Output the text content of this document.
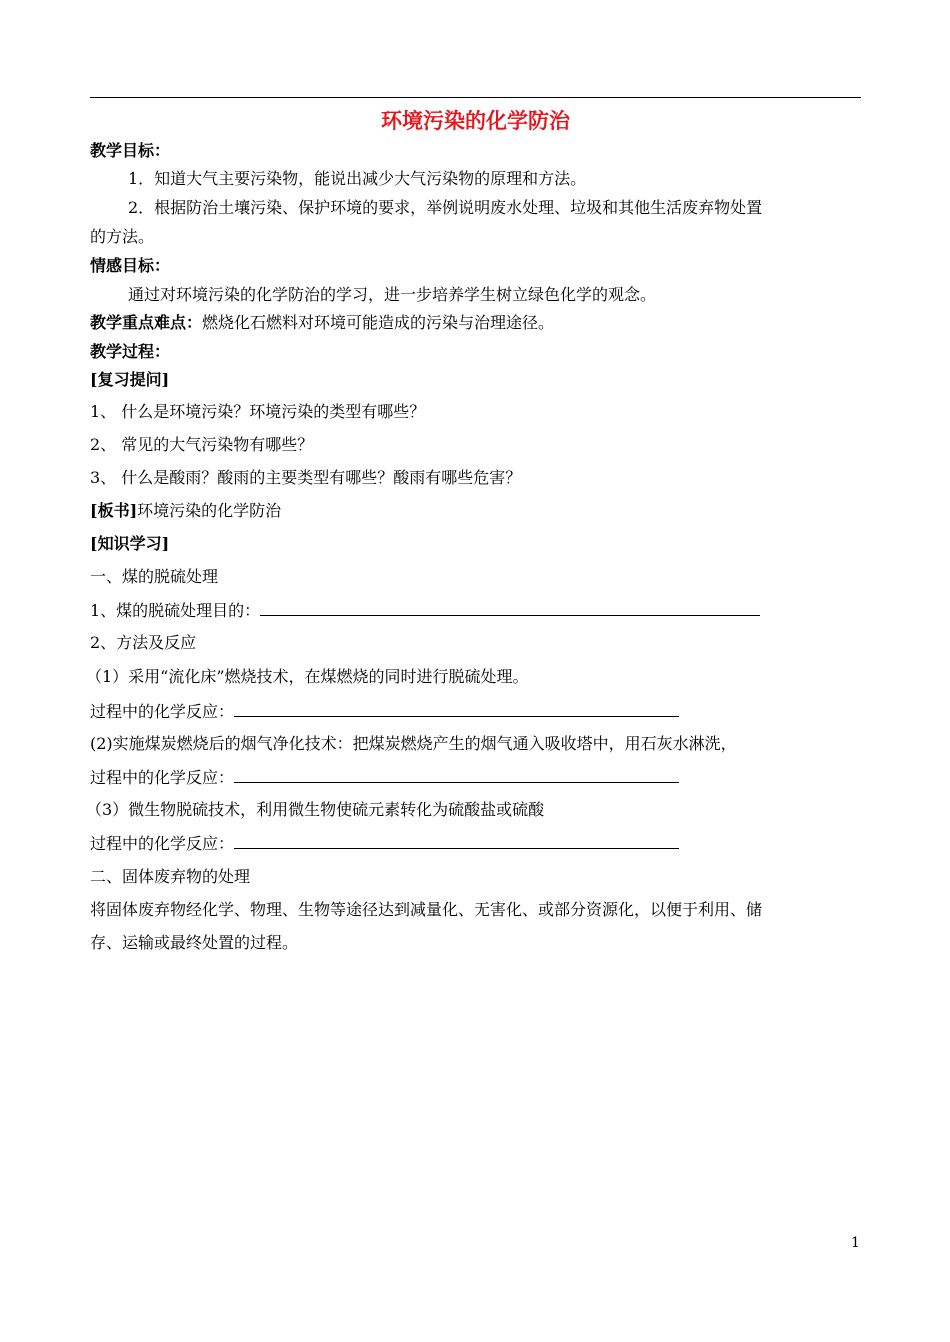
环境污染的化学防治
教学目标：
1．知道大气主要污染物，能说出减少大气污染物的原理和方法。
2．根据防治土壤污染、保护环境的要求，举例说明废水处理、垃圾和其他生活废弃物处置
的方法。
情感目标：
通过对环境污染的化学防治的学习，进一步培养学生树立绿色化学的观念。
教学重点难点：燃烧化石燃料对环境可能造成的污染与治理途径。
教学过程：
[复习提问]
1、 什么是环境污染？环境污染的类型有哪些？
2、 常见的大气污染物有哪些？
3、 什么是酸雨？酸雨的主要类型有哪些？酸雨有哪些危害？
[板书]环境污染的化学防治
[知识学习]
一、煤的脱硫处理
1、煤的脱硫处理目的：
2、方法及反应
（1）采用“流化床”燃烧技术，在煤燃烧的同时进行脱硫处理。
过程中的化学反应：
(2)实施煤炭燃烧后的烟气净化技术：把煤炭燃烧产生的烟气通入吸收塔中，用石灰水淋洗，
过程中的化学反应：
（3）微生物脱硫技术，利用微生物使硫元素转化为硫酸盐或硫酸
过程中的化学反应：
二、固体废弃物的处理
将固体废弃物经化学、物理、生物等途径达到减量化、无害化、或部分资源化，以便于利用、储
存、运输或最终处置的过程。
1
